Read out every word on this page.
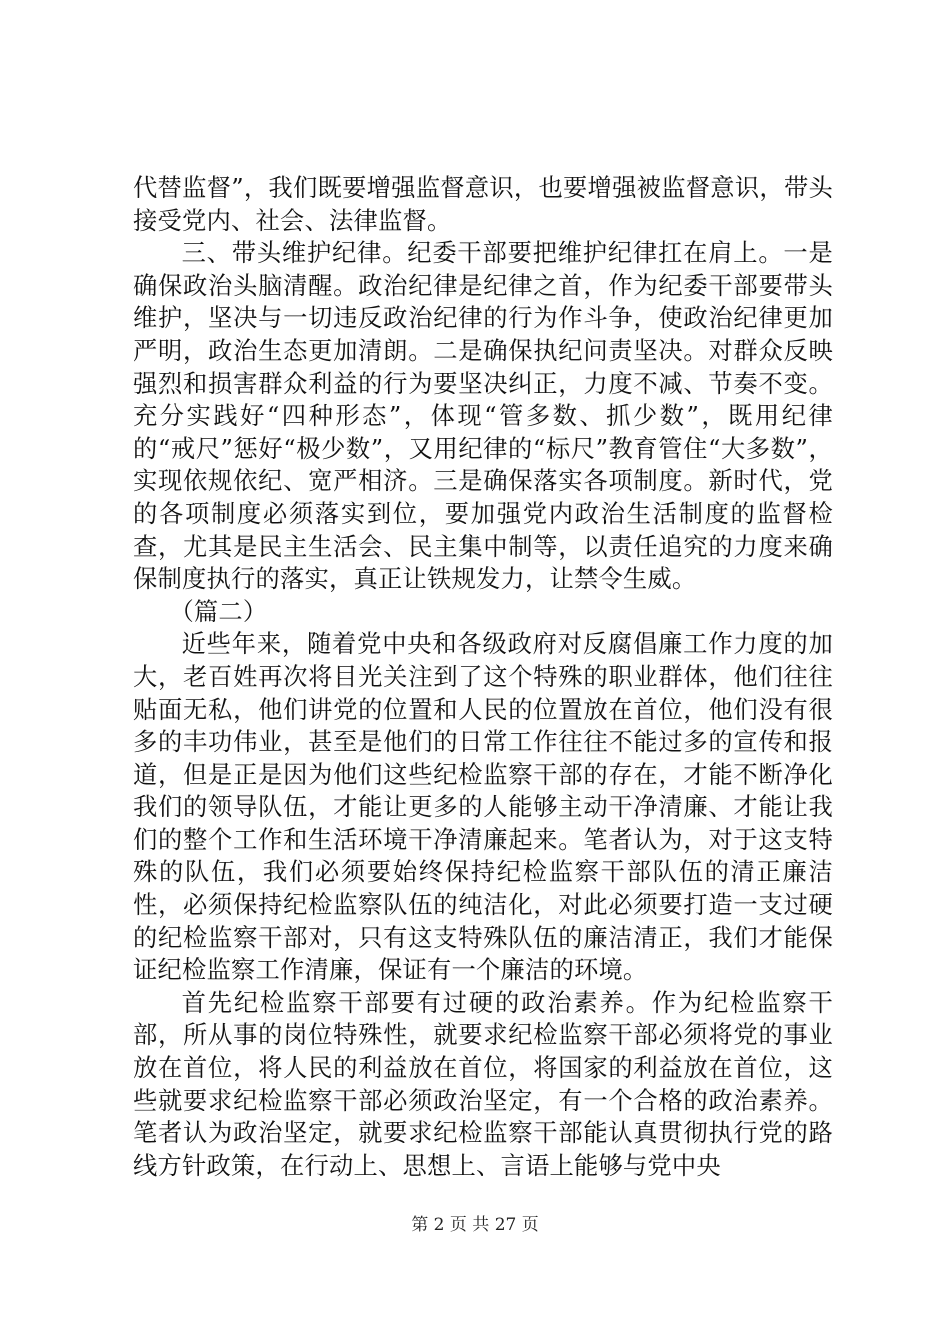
代替监督”，我们既要增强监督意识，也要增强被监督意识，带头接受党内、社会、法律监督。

三、带头维护纪律。纪委干部要把维护纪律扛在肩上。一是确保政治头脑清醒。政治纪律是纪律之首，作为纪委干部要带头维护，坚决与一切违反政治纪律的行为作斗争，使政治纪律更加严明，政治生态更加清朗。二是确保执纪问责坚决。对群众反映强烈和损害群众利益的行为要坚决纠正，力度不减、节奏不变。充分实践好“四种形态”，体现“管多数、抓少数”，既用纪律的“戒尺”惩好“极少数”，又用纪律的“标尺”教育管住“大多数”，实现依规依纪、宽严相济。三是确保落实各项制度。新时代，党的各项制度必须落实到位，要加强党内政治生活制度的监督检查，尤其是民主生活会、民主集中制等，以责任追究的力度来确保制度执行的落实，真正让铁规发力，让禁令生威。

（篇二）

近些年来，随着党中央和各级政府对反腐倡廉工作力度的加大，老百姓再次将目光关注到了这个特殊的职业群体，他们往往贴面无私，他们讲党的位置和人民的位置放在首位，他们没有很多的丰功伟业，甚至是他们的日常工作往往不能过多的宣传和报道，但是正是因为他们这些纪检监察干部的存在，才能不断净化我们的领导队伍，才能让更多的人能够主动干净清廉、才能让我们的整个工作和生活环境干净清廉起来。笔者认为，对于这支特殊的队伍，我们必须要始终保持纪检监察干部队伍的清正廉洁性，必须保持纪检监察队伍的纯洁化，对此必须要打造一支过硬的纪检监察干部对，只有这支特殊队伍的廉洁清正，我们才能保证纪检监察工作清廉，保证有一个廉洁的环境。

首先纪检监察干部要有过硬的政治素养。作为纪检监察干部，所从事的岗位特殊性，就要求纪检监察干部必须将党的事业放在首位，将人民的利益放在首位，将国家的利益放在首位，这些就要求纪检监察干部必须政治坚定，有一个合格的政治素养。笔者认为政治坚定，就要求纪检监察干部能认真贯彻执行党的路线方针政策，在行动上、思想上、言语上能够与党中央

第 2 页 共 27 页
